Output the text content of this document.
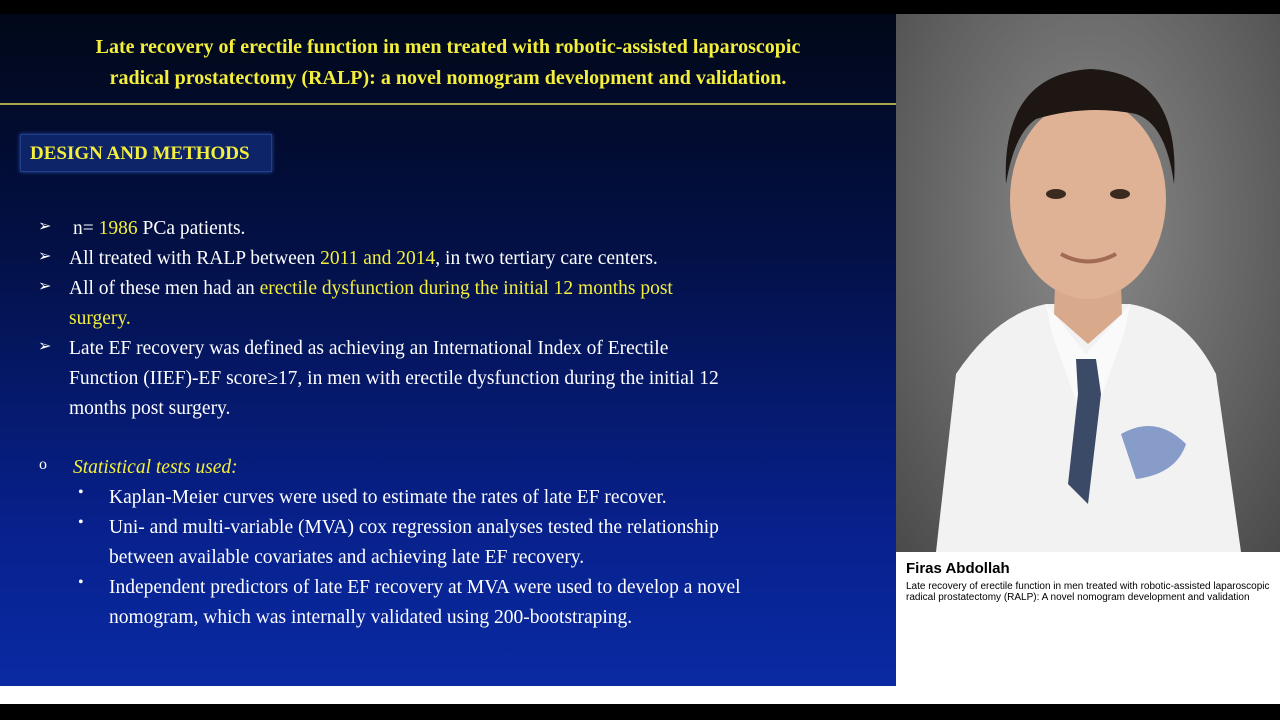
Late recovery of erectile function in men treated with robotic-assisted laparoscopic
radical prostatectomy (RALP): a novel nomogram development and validation.
DESIGN AND METHODS
➢ n= 1986 PCa patients.
➢ All treated with RALP between 2011 and 2014, in two tertiary care centers.
➢ All of these men had an erectile dysfunction during the initial 12 months post
surgery.
➢ Late EF recovery was defined as achieving an International Index of Erectile
Function (IIEF)-EF score≥17, in men with erectile dysfunction during the initial 12
months post surgery.
o Statistical tests used:
• Kaplan-Meier curves were used to estimate the rates of late EF recover.
• Uni- and multi-variable (MVA) cox regression analyses tested the relationship
between available covariates and achieving late EF recovery.
• Independent predictors of late EF recovery at MVA were used to develop a novel
nomogram, which was internally validated using 200-bootstraping.
Firas Abdollah
Late recovery of erectile function in men treated with robotic-assisted laparoscopic radical prostatectomy (RALP): A novel nomogram development and validation
